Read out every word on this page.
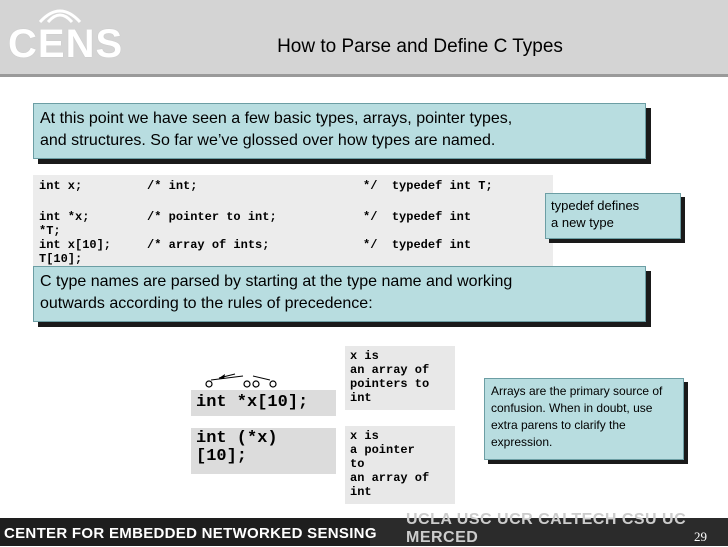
CENS	How to Parse and Define C Types
At this point we have seen a few basic types, arrays, pointer types,
and structures. So far we’ve glossed over how types are named.
int x;         /* int;                       */  typedef int T;
int *x;        /* pointer to int;            */  typedef int
*T;
int x[10];     /* array of ints;             */  typedef int
T[10];
typedef defines
a new type
C type names are parsed by starting at the type name and working
outwards according to the rules of precedence:
int *x[10];
x is
an array of
pointers to
int
int (*x)
[10];
x is
a pointer
to
an array of
int
Arrays are the primary source of confusion. When in doubt, use extra parens to clarify the expression.
CENTER FOR EMBEDDED NETWORKED SENSING
UCLA USC UCR CALTECH CSU UC MERCED	29
